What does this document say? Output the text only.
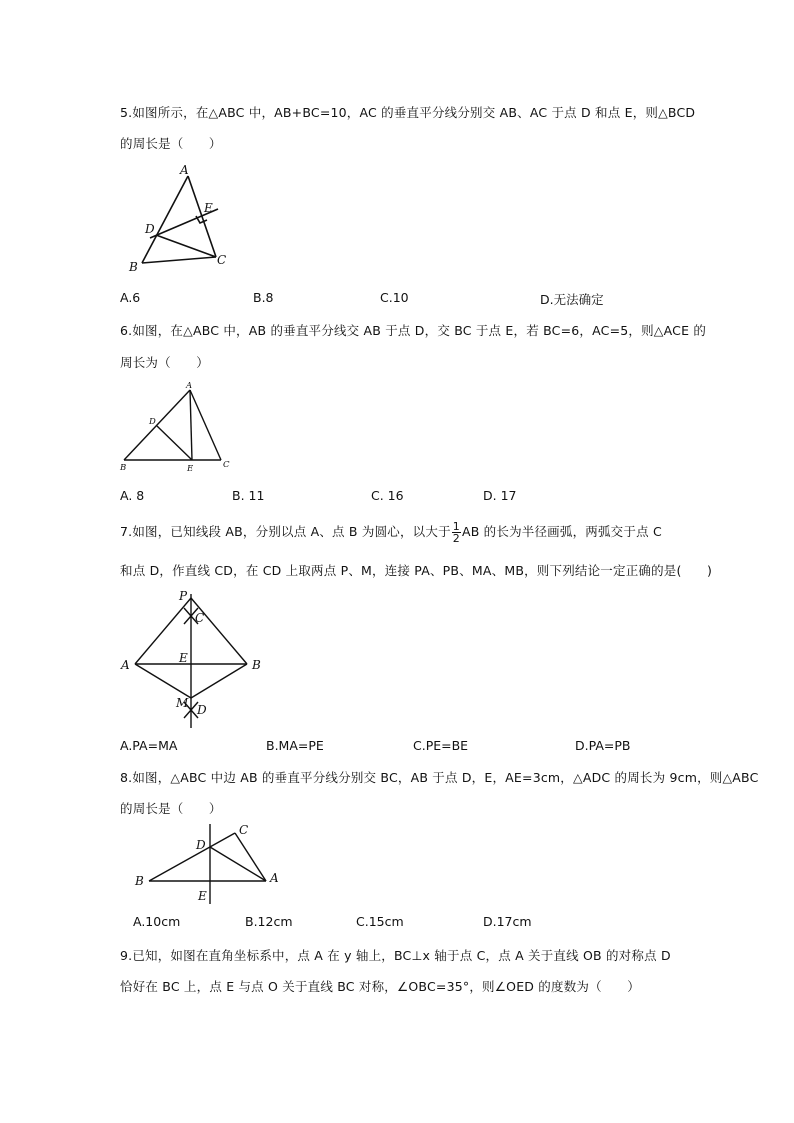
5.如图所示，在△ABC 中，AB+BC=10，AC 的垂直平分线分别交 AB、AC 于点 D 和点 E，则△BCD
的周长是（　　）
A
E
D
B	C
A.6	B.8	C.10	D.无法确定
6.如图，在△ABC 中，AB 的垂直平分线交 AB 于点 D，交 BC 于点 E，若 BC=6，AC=5，则△ACE 的
周长为（　　）
A
D
B	E	C
A. 8	B. 11	C. 16	D. 17
7.如图，已知线段 AB，分别以点 A、点 B 为圆心，以大于 $\frac{1}{2}$ AB 的长为半径画弧，两弧交于点 C
和点 D，作直线 CD，在 CD 上取两点 P、M，连接 PA、PB、MA、MB，则下列结论一定正确的是(　　)
P
C
A	E	B
M D
A.PA=MA	B.MA=PE	C.PE=BE	D.PA=PB
8.如图，△ABC 中边 AB 的垂直平分线分别交 BC，AB 于点 D，E，AE=3cm，△ADC 的周长为 9cm，则△ABC
的周长是（　　）
B
D
C
A
E
A.10cm	B.12cm	C.15cm	D.17cm
9.已知，如图在直角坐标系中，点 A 在 y 轴上，BC⊥x 轴于点 C，点 A 关于直线 OB 的对称点 D
恰好在 BC 上，点 E 与点 O 关于直线 BC 对称，∠OBC=35°，则∠OED 的度数为（　　）
